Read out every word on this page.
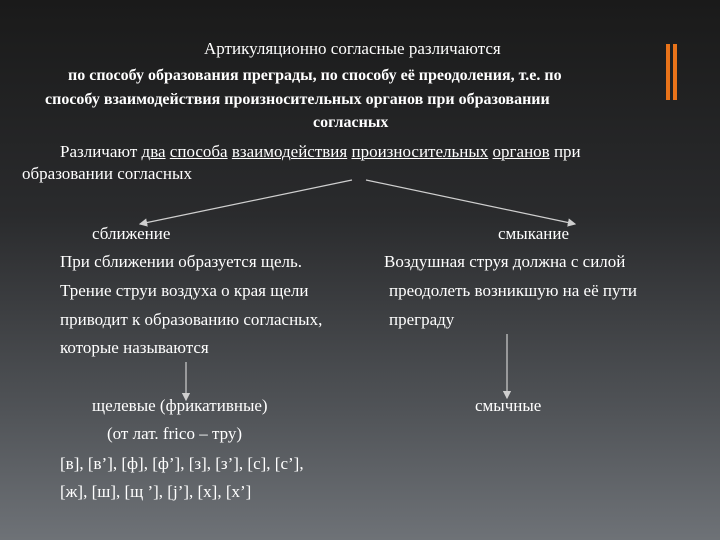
Артикуляционно согласные различаются
по способу образования преграды, по способу её преодоления, т.е. по
способу взаимодействия произносительных органов при образовании
согласных
Различают два способа взаимодействия произносительных органов при
образовании согласных
сближение	смыкание
При сближении образуется щель.
Трение струи воздуха о края щели
приводит к образованию согласных,
которые называются
Воздушная струя должна с силой
преодолеть возникшую на её пути
преграду
щелевые (фрикативные)
(от лат. frico – тру)
[в], [в’], [ф], [ф’], [з], [з’], [с], [с’],
[ж], [ш], [щ ’], [j’], [х], [х’]
смычные
